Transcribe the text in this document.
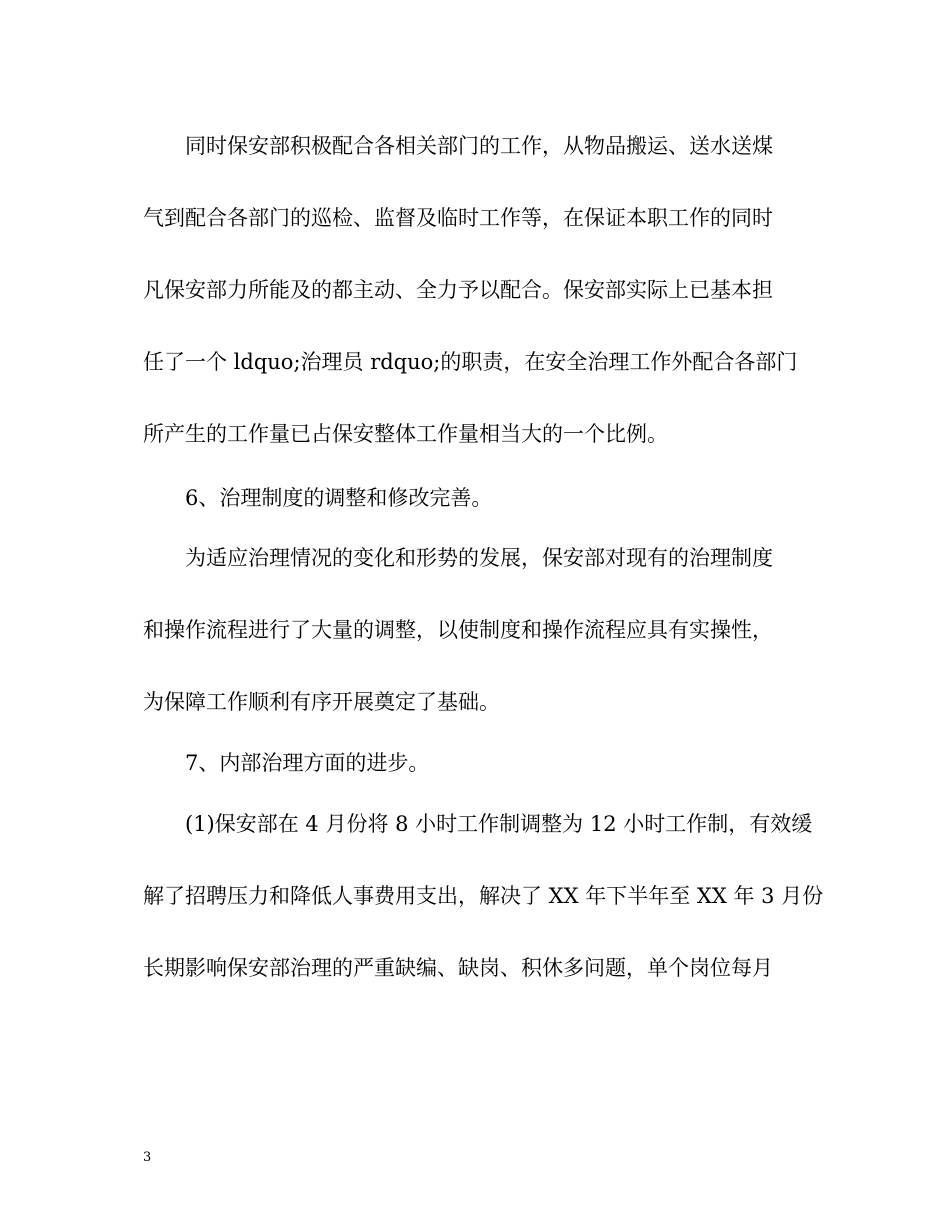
同时保安部积极配合各相关部门的工作，从物品搬运、送水送煤
气到配合各部门的巡检、监督及临时工作等，在保证本职工作的同时
凡保安部力所能及的都主动、全力予以配合。保安部实际上已基本担
任了一个 ldquo;治理员 rdquo;的职责，在安全治理工作外配合各部门
所产生的工作量已占保安整体工作量相当大的一个比例。
6、治理制度的调整和修改完善。
为适应治理情况的变化和形势的发展，保安部对现有的治理制度
和操作流程进行了大量的调整，以使制度和操作流程应具有实操性，
为保障工作顺利有序开展奠定了基础。
7、内部治理方面的进步。
(1)保安部在 4 月份将 8 小时工作制调整为 12 小时工作制，有效缓
解了招聘压力和降低人事费用支出，解决了 XX 年下半年至 XX 年 3 月份
长期影响保安部治理的严重缺编、缺岗、积休多问题，单个岗位每月
3
